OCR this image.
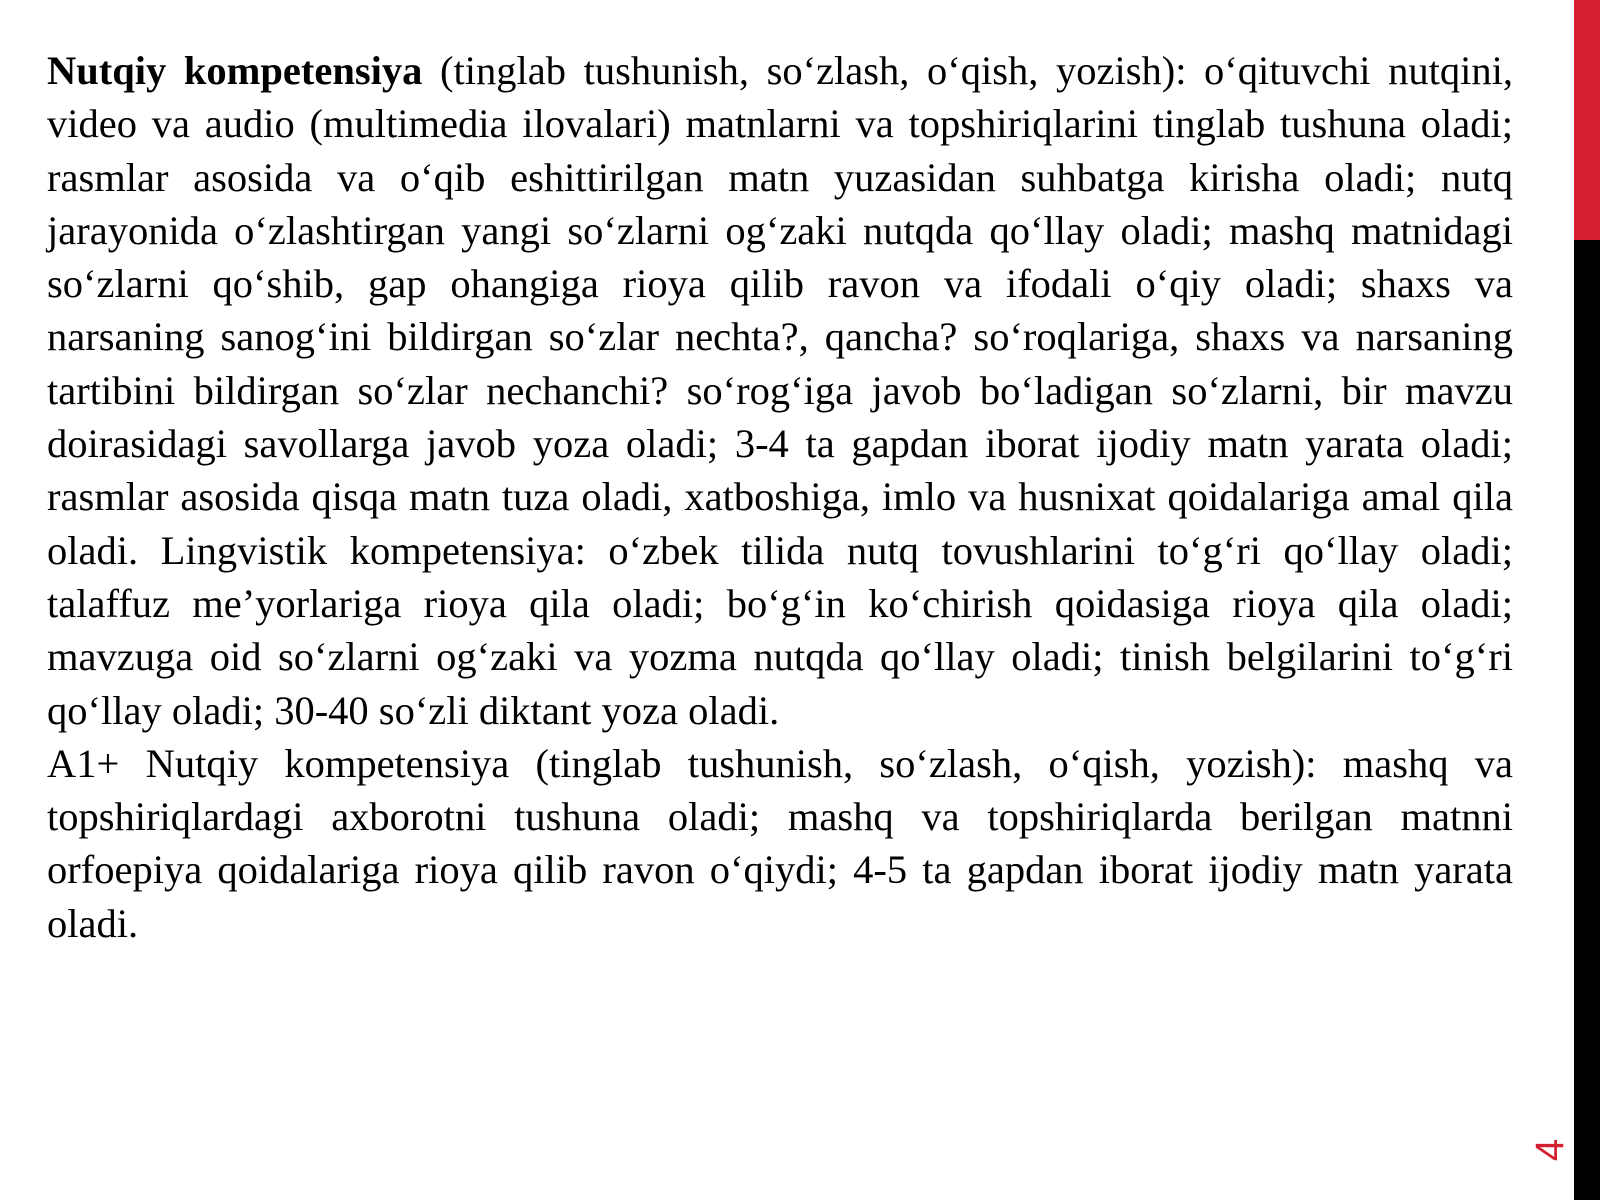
Nutqiy kompetensiya (tinglab tushunish, so‘zlash, o‘qish, yozish): o‘qituvchi nutqini, video va audio (multimedia ilovalari) matnlarni va topshiriqlarini tinglab tushuna oladi; rasmlar asosida va o‘qib eshittirilgan matn yuzasidan suhbatga kirisha oladi; nutq jarayonida o‘zlashtirgan yangi so‘zlarni og‘zaki nutqda qo‘llay oladi; mashq matnidagi so‘zlarni qo‘shib, gap ohangiga rioya qilib ravon va ifodali o‘qiy oladi; shaxs va narsaning sanog‘ini bildirgan so‘zlar nechta?, qancha? so‘roqlariga, shaxs va narsaning tartibini bildirgan so‘zlar nechanchi? so‘rog‘iga javob bo‘ladigan so‘zlarni, bir mavzu doirasidagi savollarga javob yoza oladi; 3-4 ta gapdan iborat ijodiy matn yarata oladi; rasmlar asosida qisqa matn tuza oladi, xatboshiga, imlo va husnixat qoidalariga amal qila oladi. Lingvistik kompetensiya: o‘zbek tilida nutq tovushlarini to‘g‘ri qo‘llay oladi; talaffuz me’yorlariga rioya qila oladi; bo‘g‘in ko‘chirish qoidasiga rioya qila oladi; mavzuga oid so‘zlarni og‘zaki va yozma nutqda qo‘llay oladi; tinish belgilarini to‘g‘ri qo‘llay oladi; 30-40 so‘zli diktant yoza oladi.

A1+ Nutqiy kompetensiya (tinglab tushunish, so‘zlash, o‘qish, yozish): mashq va topshiriqlardagi axborotni tushuna oladi; mashq va topshiriqlarda berilgan matnni orfoepiya qoidalariga rioya qilib ravon o‘qiydi; 4-5 ta gapdan iborat ijodiy matn yarata oladi.

4
